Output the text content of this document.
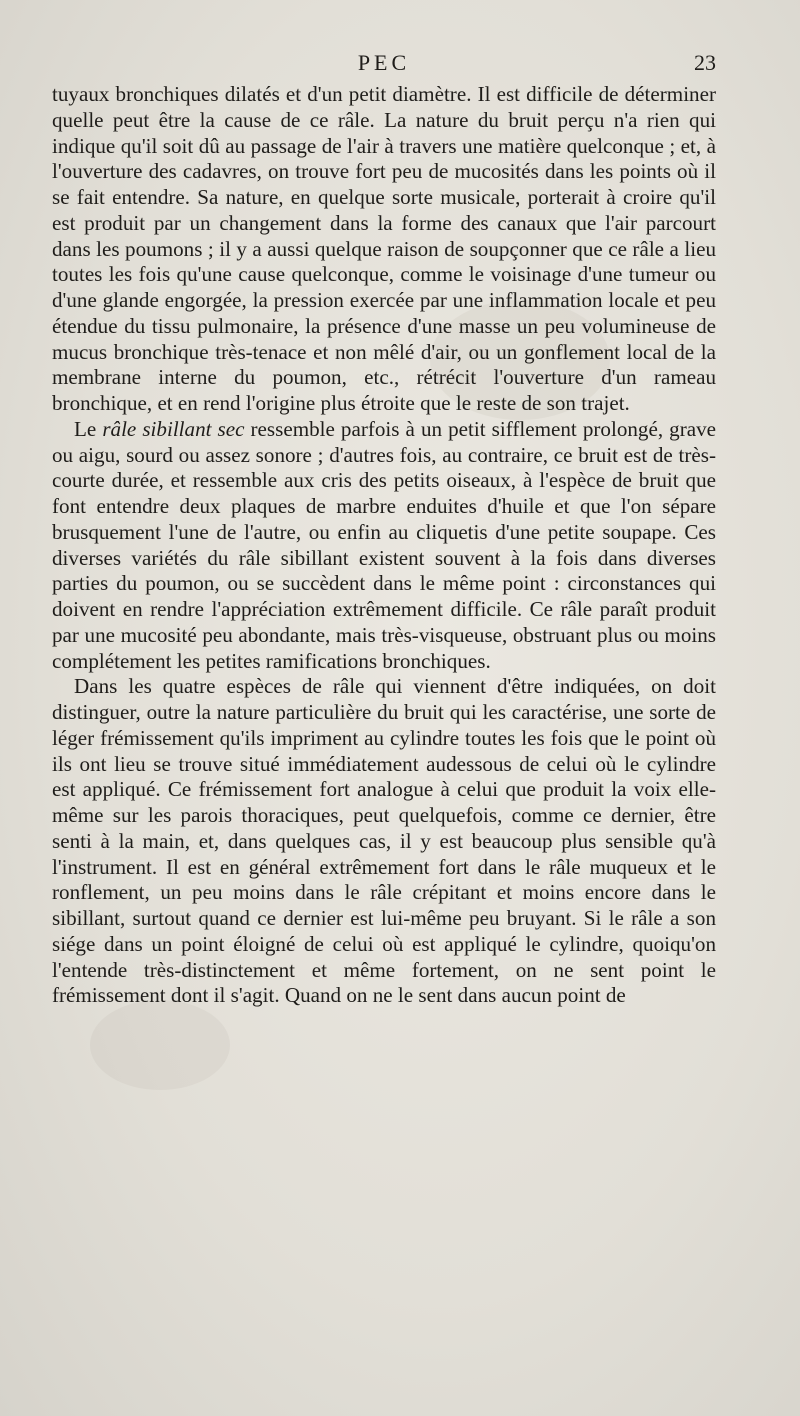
PEC	23

tuyaux bronchiques dilatés et d'un petit diamètre. Il est difficile de déterminer quelle peut être la cause de ce râle. La nature du bruit perçu n'a rien qui indique qu'il soit dû au passage de l'air à travers une matière quelconque ; et, à l'ouverture des cadavres, on trouve fort peu de mucosités dans les points où il se fait entendre. Sa nature, en quelque sorte musicale, porterait à croire qu'il est produit par un changement dans la forme des canaux que l'air parcourt dans les poumons ; il y a aussi quelque raison de soupçonner que ce râle a lieu toutes les fois qu'une cause quelconque, comme le voisinage d'une tumeur ou d'une glande engorgée, la pression exercée par une inflammation locale et peu étendue du tissu pulmonaire, la présence d'une masse un peu volumineuse de mucus bronchique très-tenace et non mêlé d'air, ou un gonflement local de la membrane interne du poumon, etc., rétrécit l'ouverture d'un rameau bronchique, et en rend l'origine plus étroite que le reste de son trajet.

Le râle sibillant sec ressemble parfois à un petit sifflement prolongé, grave ou aigu, sourd ou assez sonore ; d'autres fois, au contraire, ce bruit est de très-courte durée, et ressemble aux cris des petits oiseaux, à l'espèce de bruit que font entendre deux plaques de marbre enduites d'huile et que l'on sépare brusquement l'une de l'autre, ou enfin au cliquetis d'une petite soupape. Ces diverses variétés du râle sibillant existent souvent à la fois dans diverses parties du poumon, ou se succèdent dans le même point : circonstances qui doivent en rendre l'appréciation extrêmement difficile. Ce râle paraît produit par une mucosité peu abondante, mais très-visqueuse, obstruant plus ou moins complétement les petites ramifications bronchiques.

Dans les quatre espèces de râle qui viennent d'être indiquées, on doit distinguer, outre la nature particulière du bruit qui les caractérise, une sorte de léger frémissement qu'ils impriment au cylindre toutes les fois que le point où ils ont lieu se trouve situé immédiatement audessous de celui où le cylindre est appliqué. Ce frémissement fort analogue à celui que produit la voix elle-même sur les parois thoraciques, peut quelquefois, comme ce dernier, être senti à la main, et, dans quelques cas, il y est beaucoup plus sensible qu'à l'instrument. Il est en général extrêmement fort dans le râle muqueux et le ronflement, un peu moins dans le râle crépitant et moins encore dans le sibillant, surtout quand ce dernier est lui-même peu bruyant. Si le râle a son siége dans un point éloigné de celui où est appliqué le cylindre, quoiqu'on l'entende très-distinctement et même fortement, on ne sent point le frémissement dont il s'agit. Quand on ne le sent dans aucun point de
